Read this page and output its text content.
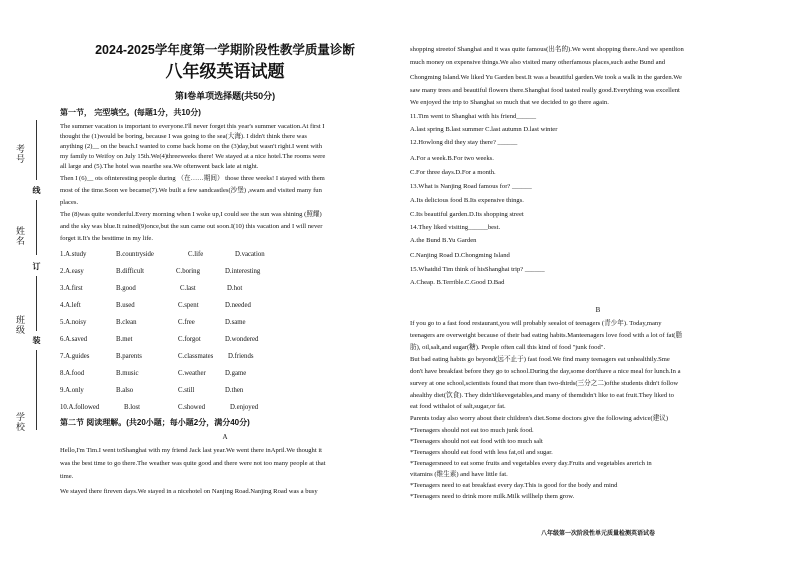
考号
姓名
班级
学校
线
订
装
2024-2025学年度第一学期阶段性教学质量诊断
八年级英语试题
第Ⅰ卷单项选择题(共50分)
第一节， 完型填空。(每题1分，共10分)
The summer vacation is important to everyone.I'll never forget this year's summer vacation.At first I
thought the (1)would be boring, because I was going to the sea(大海). I didn't think there was
anything (2)__ on the beach.I wanted to come back home on the (3)day,but wasn't right.I went with
my family to Weifoy on July 15th.We(4)threeweeks there! We stayed at a nice hotel.The rooms were
all large and (5).The hotel was nearthe sea.We oftenwent back late at night.
Then I (6)__ ots ofinteresting people during （在……期间） those three weeks! I stayed with them
most of the time.Soon we became(7).We built a few sandcastles(沙堡) ,swam and visited many fun
places.
The (8)was quite wonderful.Every morning when I woke up,I could see the sun was shining (照耀)
and the sky was blue.It rained(9)once,but the sun came out soon.I(10) this vacation and I will never
forget it.It's the besttime in my life.
1.A.study	B.countryside	C.life	D.vacation
2.A.easy	B.difficult	C.boring	D.interesting
3.A.first	B.good	C.last	D.hot
4.A.left	B.used	C.spent	D.needed
5.A.noisy	B.clean	C.free	D.same
6.A.saved	B.met	C.forgot	D.wondered
7.A.guides	B.parents	C.classmates D.friends
8.A.food	B.music	C.weather	D.game
9.A.only	B.also	C.still	D.then
10.A.followed	B.lost	C.showed	D.enjoyed
第二节 阅读理解。(共20小题；每小题2分，满分40分)
A
Hello,I'm Tim.I went toShanghai with my friend Jack last year.We went there inApril.We thought it
was the best time to go there.The weather was quite good and there were not too many people at that
time.
We stayed there fireven days.We stayed in a nicehotel on Nanjing Road.Nanjing Road was a busy
shopping streetof Shanghai and it was quite famous(出名的).We went shopping there.And we spentlton
much money on expensive things.We also visited many otherfamous places,such asthe Bund and
Chongming Island.We liked Yu Garden best.It was a beautiful garden.We took a walk in the garden.We
saw many trees and beautiful flowers there.Shanghai food tasted really good.Everything was excellent
We enjoyed the trip to Shanghai so much that we decided to go there again.
11.Tim went to Shanghai with his friend______
A.last spring B.last summer C.last autumn D.last winter
12.Howlong did they stay there? ______
A.For a week.B.For two weeks.
C.For three days.D.For a month.
13.What is Nanjing Road famous for? ______
A.Its delicious food B.Its expensive things.
C.Its beautiful garden.D.Its shopping street
14.They liked visiting______best.
A.the Bund B.Yu Garden
C.Nanjing Road D.Chongming Island
15.Whatdid Tim think of hisShanghai trip? ______
A.Cheap. B.Terrible.C.Good D.Bad
B
If you go to a fast food restaurant,you will probably seealot of teenagers (青少年). Today,many
teenagers are overweight because of their bad eating habits.Manteenagers love food with a lot of fat(脂
肪), oil,salt,and sugar(糖). People often call this kind of food "junk food".
But bad eating habits go beyond(远不止于) fast food.We find many teenagers eat unhealthily.Sme
don't have breakfast before they go to school.During the day,some don'thave a nice meal for lunch.In a
survey at one school,scientists found that more than two-thirds(三分之二)ofthe students didn't follow
ahealthy diet(饮食). They didn'tlikevegetables,and many of themdidn't like to eat fruit.They liked to
eat food withalot of salt,sugar,or fat.
Parents today also worry about their children's diet.Some doctors give the following advice(建议)
*Teenagers should not eat too much junk food.
*Teenagers should not eat food with too much salt
*Teenagers should eat food with less fat,oil and sugar.
*Teenagersneed to eat some fruits and vegetables every day.Fruits and vegetables arerich in
vitamins (维生素) and have little fat.
*Teenagers need to eat breakfast every day.This is good for the body and mind
*Teenagers need to drink more milk.Milk willhelp them grow.
八年级第一次阶段性单元质量检测英语试卷
